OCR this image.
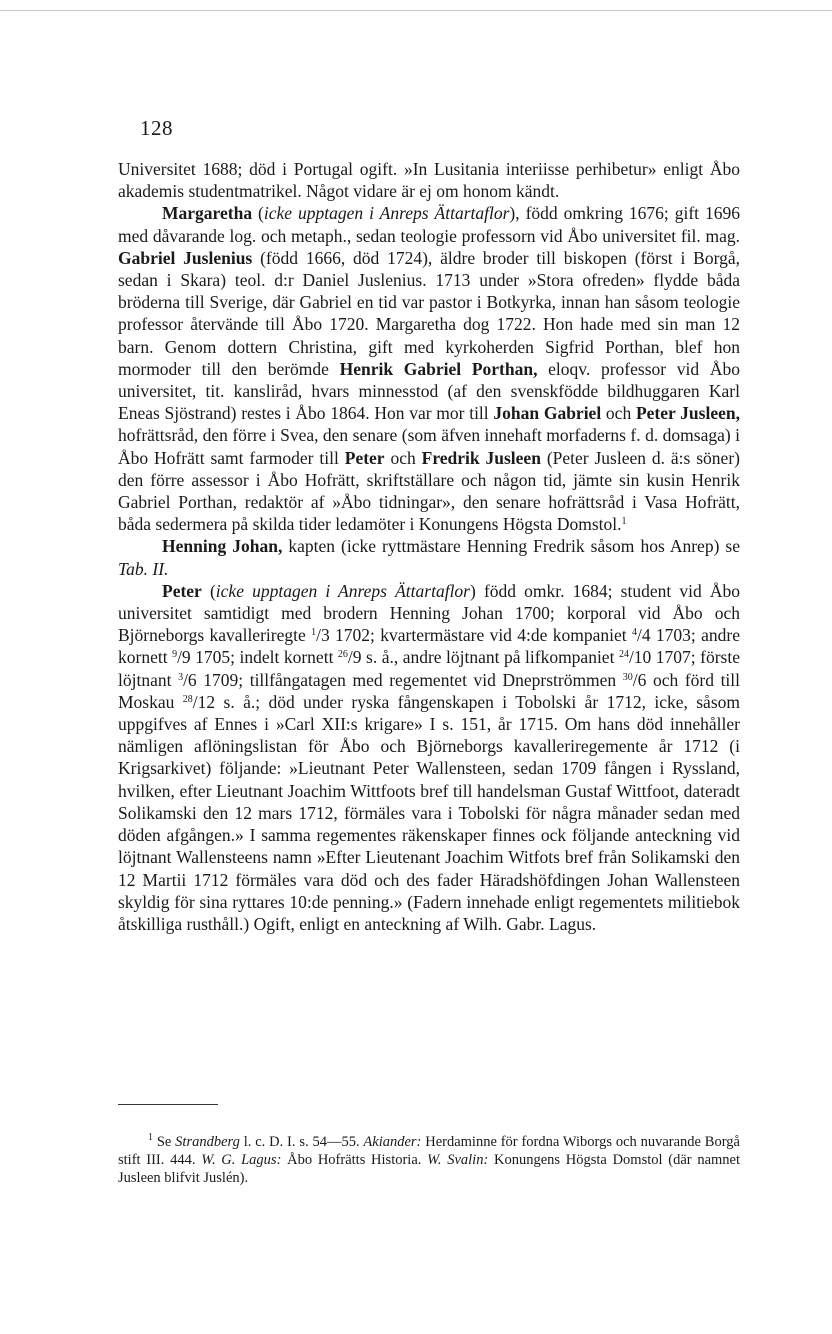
128

Universitet 1688; död i Portugal ogift. »In Lusitania interiisse perhibetur» enligt Åbo akademis studentmatrikel. Något vidare är ej om honom kändt.

Margaretha (icke upptagen i Anreps Ättartaflor), född omkring 1676; gift 1696 med dåvarande log. och metaph., sedan teologie professorn vid Åbo universitet fil. mag. Gabriel Juslenius (född 1666, död 1724), äldre broder till biskopen (först i Borgå, sedan i Skara) teol. d:r Daniel Juslenius. 1713 under »Stora ofreden» flydde båda bröderna till Sverige, där Gabriel en tid var pastor i Botkyrka, innan han såsom teologie professor återvände till Åbo 1720. Margaretha dog 1722. Hon hade med sin man 12 barn. Genom dottern Christina, gift med kyrkoherden Sigfrid Porthan, blef hon mormoder till den berömde Henrik Gabriel Porthan, eloqv. professor vid Åbo universitet, tit. kansliråd, hvars minnesstod (af den svenskfödde bildhuggaren Karl Eneas Sjöstrand) restes i Åbo 1864. Hon var mor till Johan Gabriel och Peter Jusleen, hofrättsråd, den förre i Svea, den senare (som äfven innehaft morfaderns f. d. domsaga) i Åbo Hofrätt samt farmoder till Peter och Fredrik Jusleen (Peter Jusleen d. ä:s söner) den förre assessor i Åbo Hofrätt, skriftställare och någon tid, jämte sin kusin Henrik Gabriel Porthan, redaktör af »Åbo tidningar», den senare hofrättsråd i Vasa Hofrätt, båda sedermera på skilda tider ledamöter i Konungens Högsta Domstol.$^1$

Henning Johan, kapten (icke ryttmästare Henning Fredrik såsom hos Anrep) se Tab. II.

Peter (icke upptagen i Anreps Ättartaflor) född omkr. 1684; student vid Åbo universitet samtidigt med brodern Henning Johan 1700; korporal vid Åbo och Björneborgs kavalleriregte $^1$/3 1702; kvartermästare vid 4:de kompaniet $^4$/4 1703; andre kornett $^9$/9 1705; indelt kornett $^{26}$/9 s. å., andre löjtnant på lifkompaniet $^{24}$/10 1707; förste löjtnant $^3$/6 1709; tillfångatagen med regementet vid Dneprströmmen $^{30}$/6 och förd till Moskau $^{28}$/12 s. å.; död under ryska fångenskapen i Tobolski år 1712, icke, såsom uppgifves af Ennes i »Carl XII:s krigare» I s. 151, år 1715. Om hans död innehåller nämligen aflöningslistan för Åbo och Björneborgs kavalleriregemente år 1712 (i Krigsarkivet) följande: »Lieutnant Peter Wallensteen, sedan 1709 fången i Ryssland, hvilken, efter Lieutnant Joachim Wittfoots bref till handelsman Gustaf Wittfoot, dateradt Solikamski den 12 mars 1712, förmäles vara i Tobolski för några månader sedan med döden afgången.» I samma regementes räkenskaper finnes ock följande anteckning vid löjtnant Wallensteens namn »Efter Lieutenant Joachim Witfots bref från Solikamski den 12 Martii 1712 förmäles vara död och des fader Häradshöfdingen Johan Wallensteen skyldig för sina ryttares 10:de penning.» (Fadern innehade enligt regementets militiebok åtskilliga rusthåll.) Ogift, enligt en anteckning af Wilh. Gabr. Lagus.

$^1$ Se Strandberg l. c. D. I. s. 54—55. Akiander: Herdaminne för fordna Wiborgs och nuvarande Borgå stift III. 444. W. G. Lagus: Åbo Hofrätts Historia. W. Svalin: Konungens Högsta Domstol (där namnet Jusleen blifvit Juslén).
